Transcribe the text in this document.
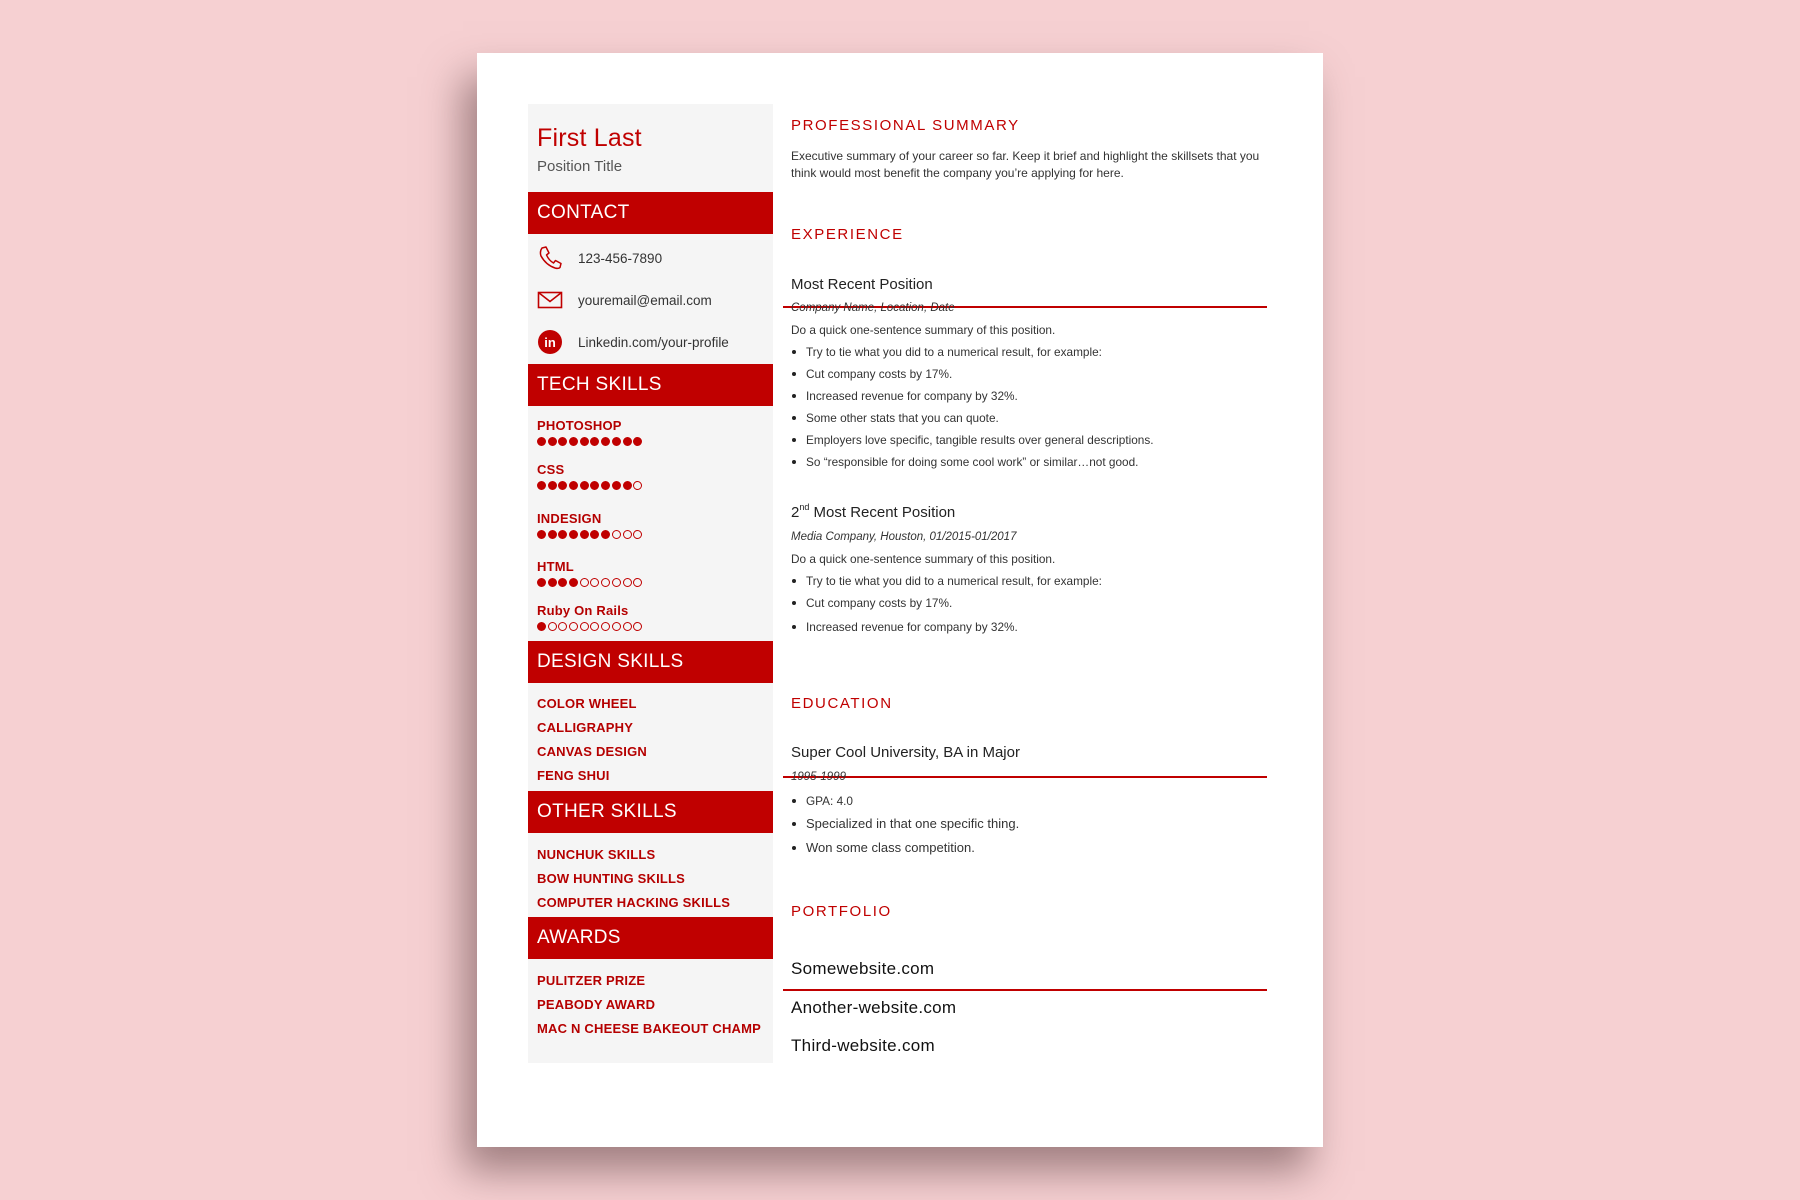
First Last
Position Title
CONTACT
123-456-7890
youremail@email.com
in Linkedin.com/your-profile
TECH SKILLS
PHOTOSHOP
CSS
INDESIGN
HTML
Ruby On Rails
DESIGN SKILLS
COLOR WHEEL
CALLIGRAPHY
CANVAS DESIGN
FENG SHUI
OTHER SKILLS
NUNCHUK SKILLS
BOW HUNTING SKILLS
COMPUTER HACKING SKILLS
AWARDS
PULITZER PRIZE
PEABODY AWARD
MAC N CHEESE BAKEOUT CHAMP
PROFESSIONAL SUMMARY
Executive summary of your career so far. Keep it brief and highlight the skillsets that you think would most benefit the company you’re applying for here.
EXPERIENCE
Most Recent Position
Company Name, Location, Date
Do a quick one-sentence summary of this position.
Try to tie what you did to a numerical result, for example:
Cut company costs by 17%.
Increased revenue for company by 32%.
Some other stats that you can quote.
Employers love specific, tangible results over general descriptions.
So “responsible for doing some cool work” or similar…not good.
2nd Most Recent Position
Media Company, Houston, 01/2015-01/2017
Do a quick one-sentence summary of this position.
Try to tie what you did to a numerical result, for example:
Cut company costs by 17%.
Increased revenue for company by 32%.
EDUCATION
Super Cool University, BA in Major
1995-1999
GPA: 4.0
Specialized in that one specific thing.
Won some class competition.
PORTFOLIO
Somewebsite.com
Another-website.com
Third-website.com
